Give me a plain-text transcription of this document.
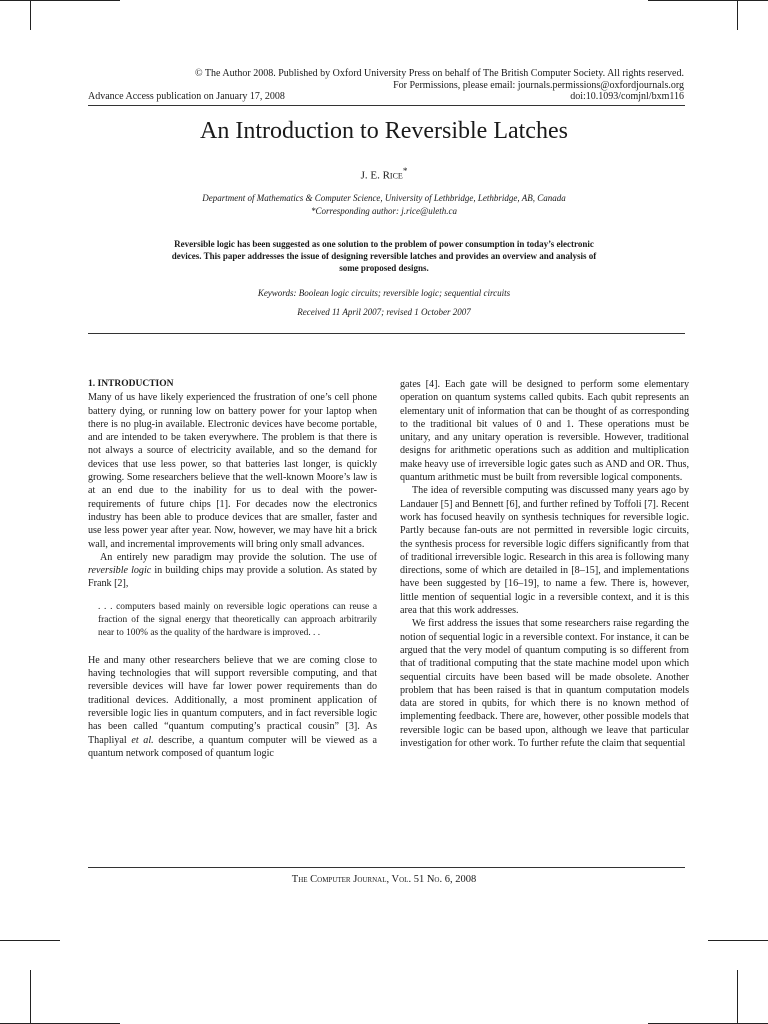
© The Author 2008. Published by Oxford University Press on behalf of The British Computer Society. All rights reserved.
For Permissions, please email: journals.permissions@oxfordjournals.org
Advance Access publication on January 17, 2008	doi:10.1093/comjnl/bxm116
An Introduction to Reversible Latches
J. E. Rice*
Department of Mathematics & Computer Science, University of Lethbridge, Lethbridge, AB, Canada
*Corresponding author: j.rice@uleth.ca
Reversible logic has been suggested as one solution to the problem of power consumption in today’s electronic devices. This paper addresses the issue of designing reversible latches and provides an overview and analysis of some proposed designs.
Keywords: Boolean logic circuits; reversible logic; sequential circuits
Received 11 April 2007; revised 1 October 2007

1. INTRODUCTION

Many of us have likely experienced the frustration of one’s cell phone battery dying, or running low on battery power for your laptop when there is no plug-in available. Electronic devices have become portable, and are intended to be taken everywhere. The problem is that there is not always a source of electricity available, and so the demand for devices that use less power, so that batteries last longer, is quickly growing. Some researchers believe that the well-known Moore’s law is at an end due to the inability for us to deal with the power-requirements of future chips [1]. For decades now the electronics industry has been able to produce devices that are smaller, faster and use less power year after year. Now, however, we may have hit a brick wall, and incremental improvements will bring only small advances.

An entirely new paradigm may provide the solution. The use of reversible logic in building chips may provide a solution. As stated by Frank [2],

. . . computers based mainly on reversible logic operations can reuse a fraction of the signal energy that theoretically can approach arbitrarily near to 100% as the quality of the hardware is improved. . .

He and many other researchers believe that we are coming close to having technologies that will support reversible computing, and that reversible devices will have far lower power requirements than do traditional devices. Additionally, a most prominent application of reversible logic lies in quantum computers, and in fact reversible logic has been called “quantum computing’s practical cousin” [3]. As Thapliyal et al. describe, a quantum computer will be viewed as a quantum network composed of quantum logic

gates [4]. Each gate will be designed to perform some elementary operation on quantum systems called qubits. Each qubit represents an elementary unit of information that can be thought of as corresponding to the traditional bit values of 0 and 1. These operations must be unitary, and any unitary operation is reversible. However, traditional designs for arithmetic operations such as addition and multiplication make heavy use of irreversible logic gates such as AND and OR. Thus, quantum arithmetic must be built from reversible logical components.

The idea of reversible computing was discussed many years ago by Landauer [5] and Bennett [6], and further refined by Toffoli [7]. Recent work has focused heavily on synthesis techniques for reversible logic. Partly because fan-outs are not permitted in reversible logic circuits, the synthesis process for reversible logic differs significantly from that of traditional irreversible logic. Research in this area is following many directions, some of which are detailed in [8–15], and implementations have been suggested by [16–19], to name a few. There is, however, little mention of sequential logic in a reversible context, and it is this area that this work addresses.

We first address the issues that some researchers raise regarding the notion of sequential logic in a reversible context. For instance, it can be argued that the very model of quantum computing is so different from that of traditional computing that the state machine model upon which sequential circuits have been based will be made obsolete. Another problem that has been raised is that in quantum computation models data are stored in qubits, for which there is no known method of implementing feedback. There are, however, other possible models that reversible logic can be based upon, although we leave that particular investigation for other work. To further refute the claim that sequential

The Computer Journal, Vol. 51 No. 6, 2008
